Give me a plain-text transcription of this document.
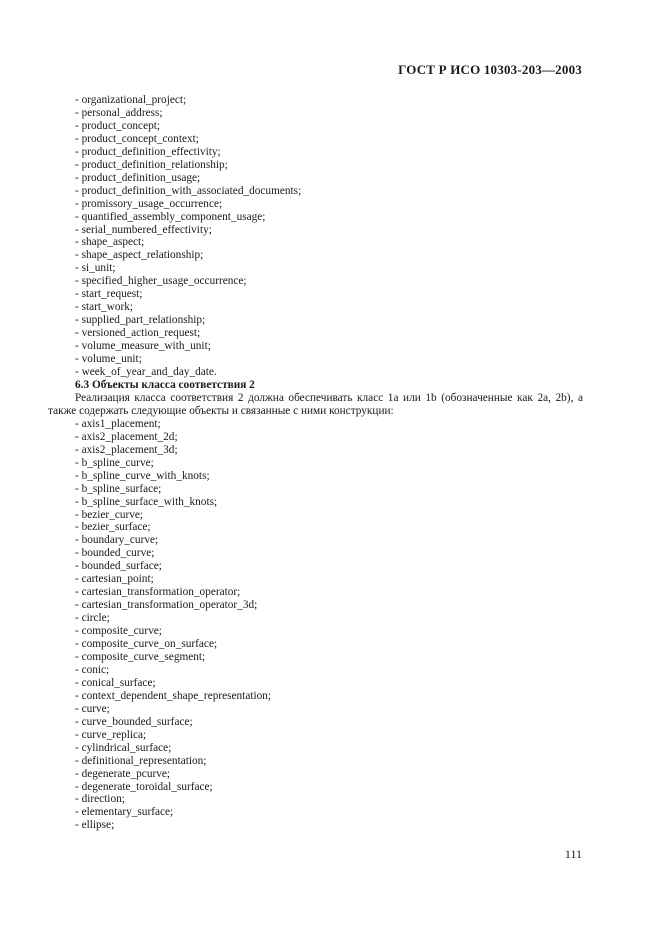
ГОСТ Р ИСО 10303-203—2003
- organizational_project;
- personal_address;
- product_concept;
- product_concept_context;
- product_definition_effectivity;
- product_definition_relationship;
- product_definition_usage;
- product_definition_with_associated_documents;
- promissory_usage_occurrence;
- quantified_assembly_component_usage;
- serial_numbered_effectivity;
- shape_aspect;
- shape_aspect_relationship;
- si_unit;
- specified_higher_usage_occurrence;
- start_request;
- start_work;
- supplied_part_relationship;
- versioned_action_request;
- volume_measure_with_unit;
- volume_unit;
- week_of_year_and_day_date.

6.3 Объекты класса соответствия 2

Реализация класса соответствия 2 должна обеспечивать класс 1a или 1b (обозначенные как 2a, 2b), а также содержать следующие объекты и связанные с ними конструкции:

- axis1_placement;
- axis2_placement_2d;
- axis2_placement_3d;
- b_spline_curve;
- b_spline_curve_with_knots;
- b_spline_surface;
- b_spline_surface_with_knots;
- bezier_curve;
- bezier_surface;
- boundary_curve;
- bounded_curve;
- bounded_surface;
- cartesian_point;
- cartesian_transformation_operator;
- cartesian_transformation_operator_3d;
- circle;
- composite_curve;
- composite_curve_on_surface;
- composite_curve_segment;
- conic;
- conical_surface;
- context_dependent_shape_representation;
- curve;
- curve_bounded_surface;
- curve_replica;
- cylindrical_surface;
- definitional_representation;
- degenerate_pcurve;
- degenerate_toroidal_surface;
- direction;
- elementary_surface;
- ellipse;
111
